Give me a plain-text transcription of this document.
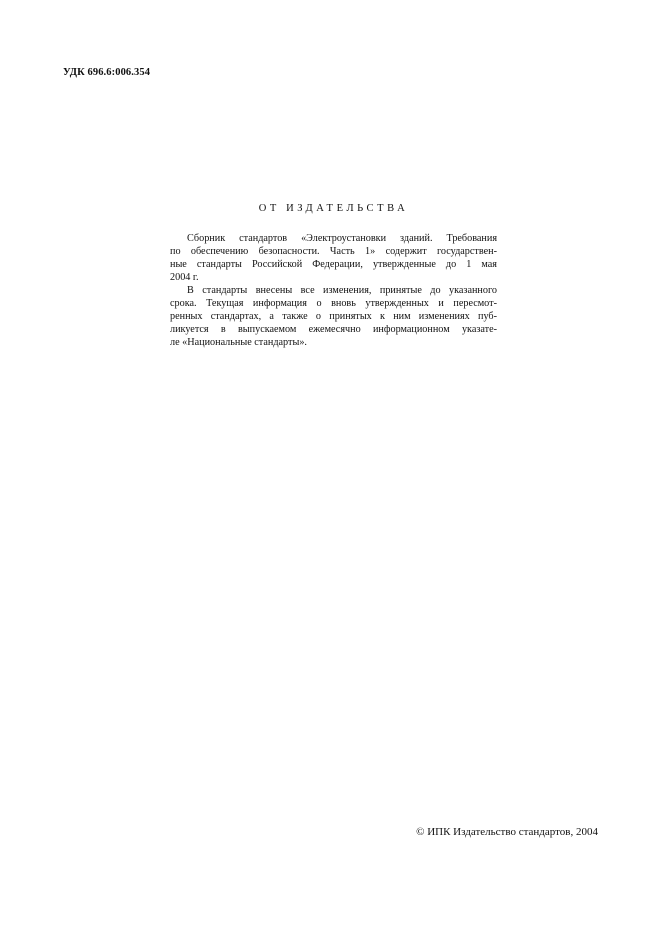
УДК 696.6:006.354
ОТ ИЗДАТЕЛЬСТВА

Сборник стандартов «Электроустановки зданий. Требования
по обеспечению безопасности. Часть 1» содержит государствен-
ные стандарты Российской Федерации, утвержденные до 1 мая
2004 г.

В стандарты внесены все изменения, принятые до указанного
срока. Текущая информация о вновь утвержденных и пересмот-
ренных стандартах, а также о принятых к ним изменениях пуб-
ликуется в выпускаемом ежемесячно информационном указате-
ле «Национальные стандарты».

© ИПК Издательство стандартов, 2004
